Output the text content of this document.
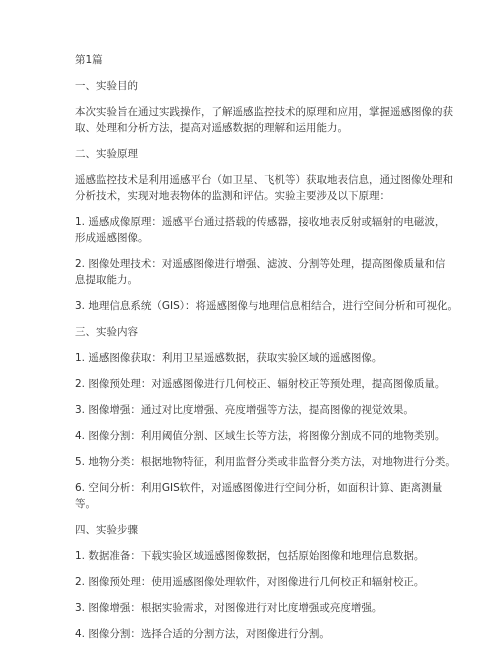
第1篇

一、实验目的

本次实验旨在通过实践操作，了解遥感监控技术的原理和应用，掌握遥感图像的获

取、处理和分析方法，提高对遥感数据的理解和运用能力。

二、实验原理

遥感监控技术是利用遥感平台（如卫星、飞机等）获取地表信息，通过图像处理和

分析技术，实现对地表物体的监测和评估。实验主要涉及以下原理：

1. 遥感成像原理：遥感平台通过搭载的传感器，接收地表反射或辐射的电磁波，

形成遥感图像。

2. 图像处理技术：对遥感图像进行增强、滤波、分割等处理，提高图像质量和信

息提取能力。

3. 地理信息系统（GIS）：将遥感图像与地理信息相结合，进行空间分析和可视化。

三、实验内容

1. 遥感图像获取：利用卫星遥感数据，获取实验区域的遥感图像。

2. 图像预处理：对遥感图像进行几何校正、辐射校正等预处理，提高图像质量。

3. 图像增强：通过对比度增强、亮度增强等方法，提高图像的视觉效果。

4. 图像分割：利用阈值分割、区域生长等方法，将图像分割成不同的地物类别。

5. 地物分类：根据地物特征，利用监督分类或非监督分类方法，对地物进行分类。

6. 空间分析：利用GIS软件，对遥感图像进行空间分析，如面积计算、距离测量

等。

四、实验步骤

1. 数据准备：下载实验区域遥感图像数据，包括原始图像和地理信息数据。

2. 图像预处理：使用遥感图像处理软件，对图像进行几何校正和辐射校正。

3. 图像增强：根据实验需求，对图像进行对比度增强或亮度增强。

4. 图像分割：选择合适的分割方法，对图像进行分割。
